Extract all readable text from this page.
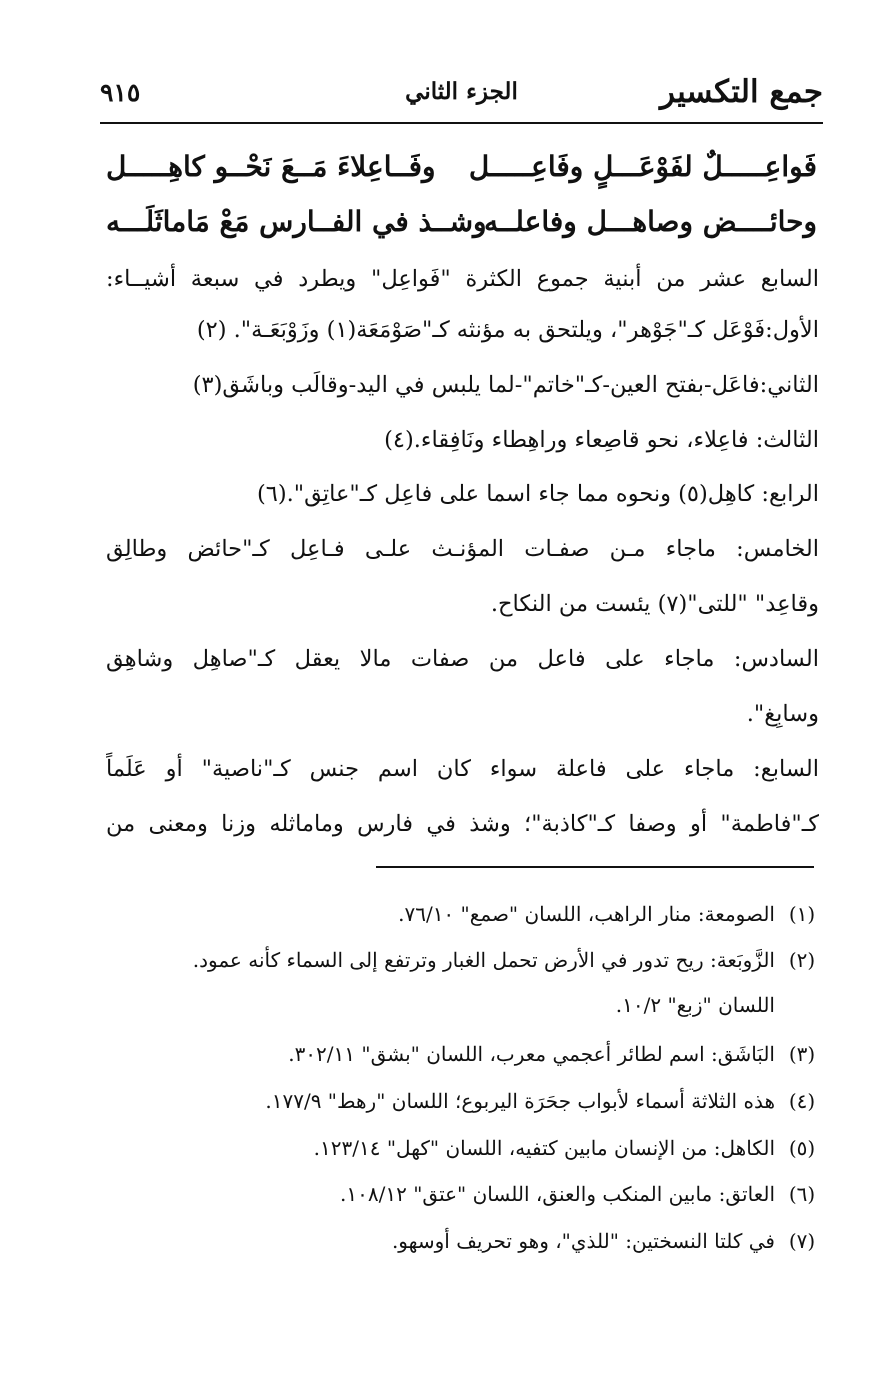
جمع التكسير
الجزء الثاني
٩١٥
فَواعِـــــلٌ لفَوْعَـــلٍ وفَاعِـــــل
وفَــاعِلاءَ مَــعَ نَحْــو كاهِـــــل
وحائــــض وصاهـــل وفاعلــه
وشــذ في الفــارس مَعْ مَاماثَلَـــه
السابع عشر من أبنية جموع الكثرة "فَواعِل" ويطرد في سبعة أشيــاء:
الأول:فَوْعَل كـ"جَوْهر"، ويلتحق به مؤنثه كـ"صَوْمَعَة(١) وزَوْبَعَـة". (٢)
الثاني:فاعَل-بفتح العين-كـ"خاتم"-لما يلبس في اليد-وقالَب وباشَق(٣)
الثالث: فاعِلاء، نحو قاصِعاء وراهِطاء ونَافِقاء.(٤)
الرابع: كاهِل(٥) ونحوه مما جاء اسما على فاعِل كـ"عاتِق".(٦)
الخامس: ماجاء مـن صفـات المؤنـث علـى فـاعِل كـ"حائض وطالِق
وقاعِد" "للتى"(٧) يئست من النكاح.
السادس: ماجاء على فاعل من صفات مالا يعقل كـ"صاهِل وشاهِق
وسابِغ".
السابع: ماجاء على فاعلة سواء كان اسم جنس كـ"ناصية" أو عَلَماً
كـ"فاطمة" أو وصفا كـ"كاذبة"؛ وشذ في فارس وماماثله وزنا ومعنى من
(١)الصومعة: منار الراهب، اللسان "صمع" ٧٦/١٠.
(٢)الزَّوبَعة: ريح تدور في الأرض تحمل الغبار وترتفع إلى السماء كأنه عمود.
اللسان "زبع" ١٠/٢.
(٣)البَاشَق: اسم لطائر أعجمي معرب، اللسان "بشق" ٣٠٢/١١.
(٤)هذه الثلاثة أسماء لأبواب جحَرَة اليربوع؛ اللسان "رهط" ١٧٧/٩.
(٥)الكاهل: من الإنسان مابين كتفيه، اللسان "كهل" ١٢٣/١٤.
(٦)العاتق: مابين المنكب والعنق، اللسان "عتق" ١٠٨/١٢.
(٧)في كلتا النسختين: "للذي"، وهو تحريف أوسهو.
